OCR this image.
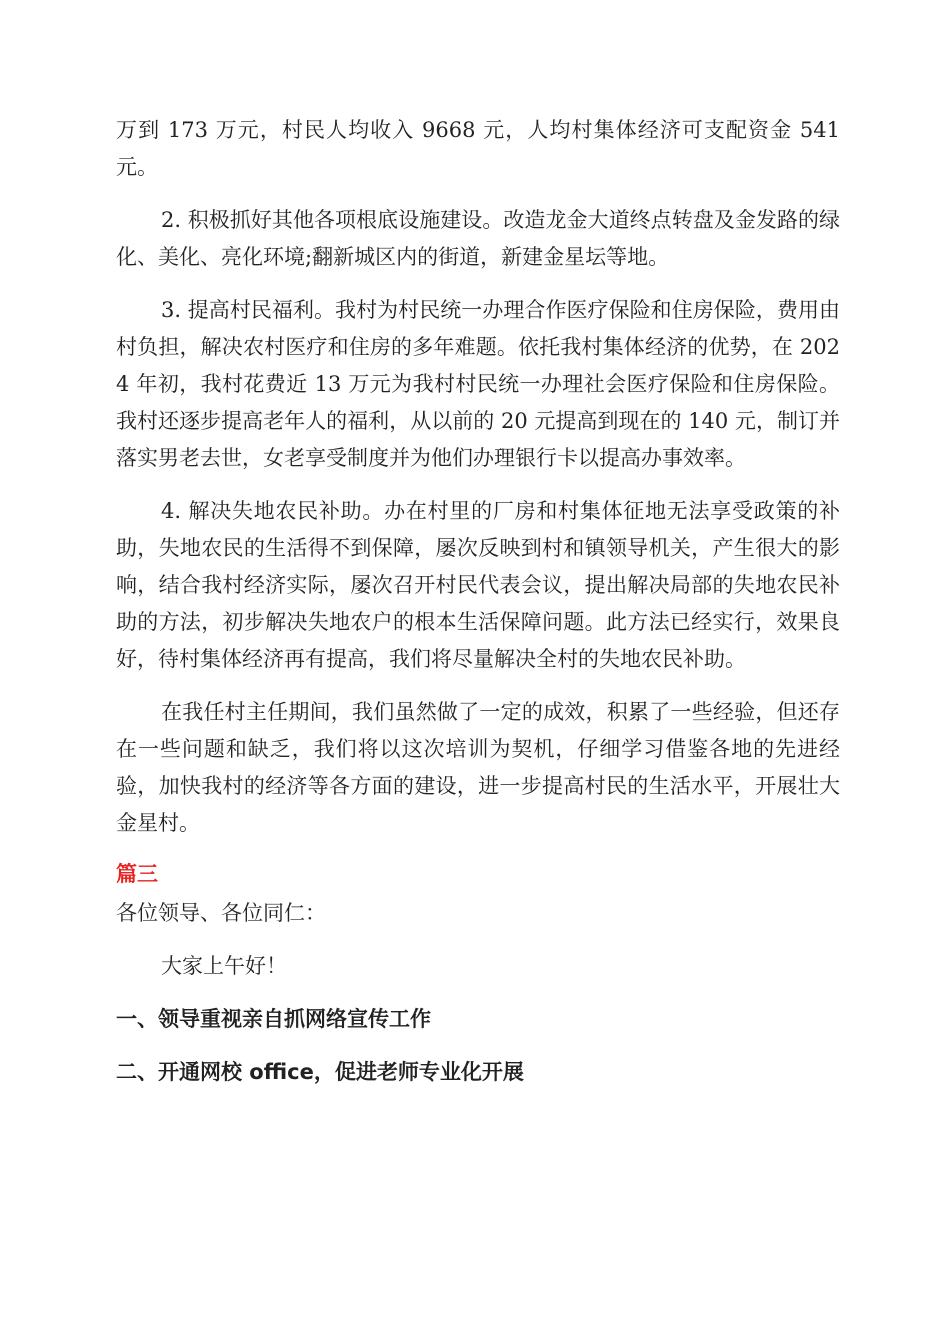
万到 173 万元，村民人均收入 9668 元，人均村集体经济可支配资金 541 元。

2. 积极抓好其他各项根底设施建设。改造龙金大道终点转盘及金发路的绿化、美化、亮化环境;翻新城区内的街道，新建金星坛等地。

3. 提高村民福利。我村为村民统一办理合作医疗保险和住房保险，费用由村负担，解决农村医疗和住房的多年难题。依托我村集体经济的优势，在 2024 年初，我村花费近 13 万元为我村村民统一办理社会医疗保险和住房保险。我村还逐步提高老年人的福利，从以前的 20 元提高到现在的 140 元，制订并落实男老去世，女老享受制度并为他们办理银行卡以提高办事效率。

4. 解决失地农民补助。办在村里的厂房和村集体征地无法享受政策的补助，失地农民的生活得不到保障，屡次反映到村和镇领导机关，产生很大的影响，结合我村经济实际，屡次召开村民代表会议，提出解决局部的失地农民补助的方法，初步解决失地农户的根本生活保障问题。此方法已经实行，效果良好，待村集体经济再有提高，我们将尽量解决全村的失地农民补助。

在我任村主任期间，我们虽然做了一定的成效，积累了一些经验，但还存在一些问题和缺乏，我们将以这次培训为契机，仔细学习借鉴各地的先进经验，加快我村的经济等各方面的建设，进一步提高村民的生活水平，开展壮大金星村。

篇三

各位领导、各位同仁：

大家上午好！

一、领导重视亲自抓网络宣传工作
二、开通网校 office，促进老师专业化开展
